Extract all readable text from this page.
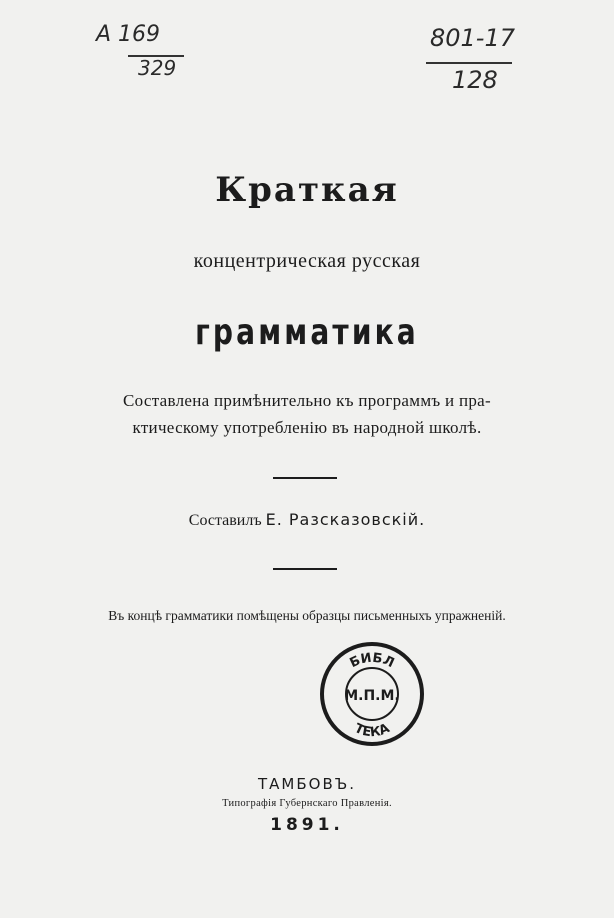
А 169
329
801-17
128
Краткая
концентрическая русская
грамматика
Составлена примѣнительно къ программъ и пра-
ктическому употребленію въ народной школѣ.
Составилъ Е. Разсказовскій.
Въ концѣ грамматики помѣщены образцы письменныхъ упражненій.
БИБЛ
ТЕКА
М.П.М.
ТАМБОВЪ.
Типографія Губернскаго Правленія.
1891.
